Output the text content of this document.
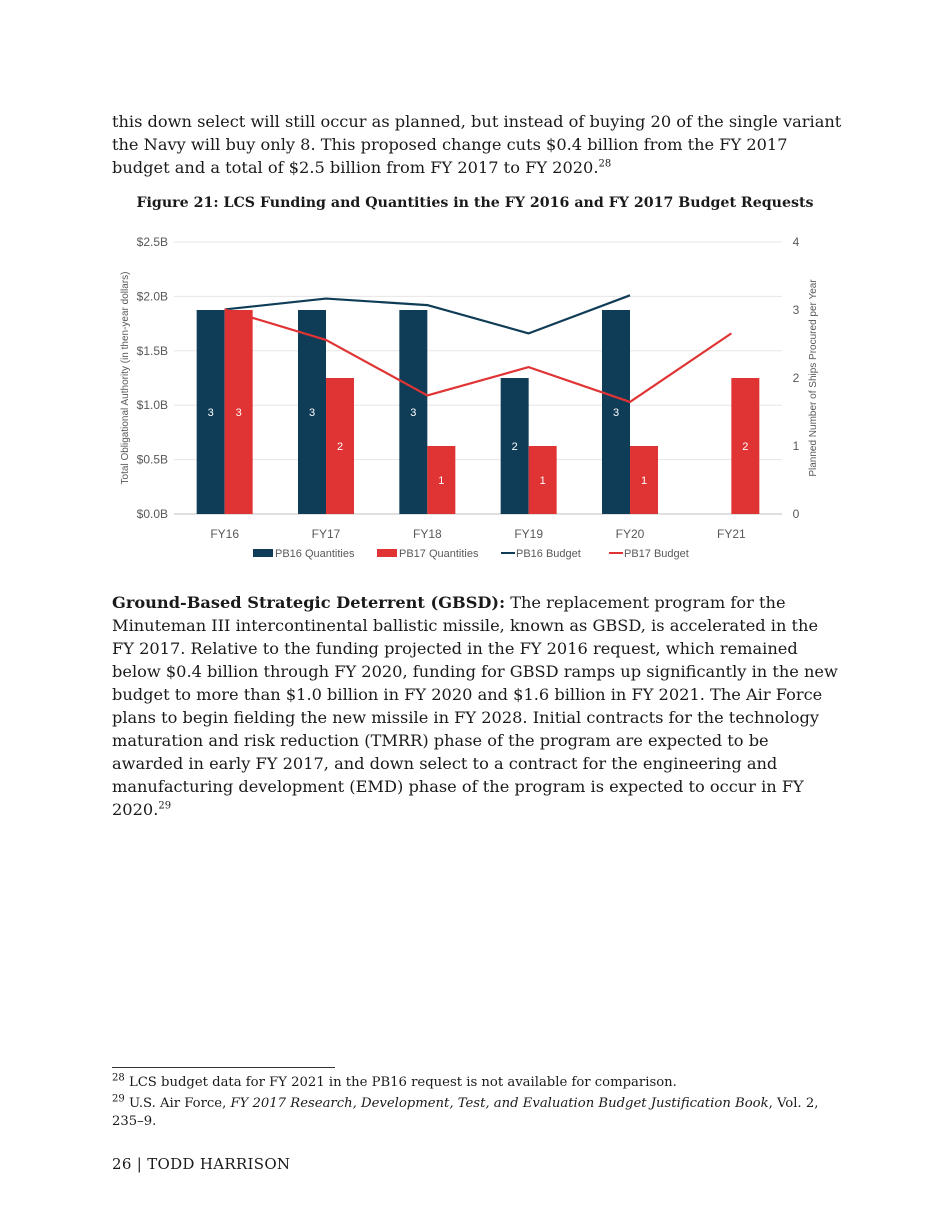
this down select will still occur as planned, but instead of buying 20 of the single variant the Navy will buy only 8. This proposed change cuts $0.4 billion from the FY 2017 budget and a total of $2.5 billion from FY 2017 to FY 2020.28

Figure 21: LCS Funding and Quantities in the FY 2016 and FY 2017 Budget Requests

$0.0B
$0.5B
$1.0B
$1.5B
$2.0B
$2.5B
0
1
2
3
4
Total Obligational Authority (in then-year dollars)	Planned Number of Ships Procured per Year
FY16	FY17	FY18	FY19	FY20	FY21
3	3	3
2
3
3
2
1	1	1
2
PB16 Quantities	PB17 Quantities	PB16 Budget	PB17 Budget

Ground-Based Strategic Deterrent (GBSD): The replacement program for the Minuteman III intercontinental ballistic missile, known as GBSD, is accelerated in the FY 2017. Relative to the funding projected in the FY 2016 request, which remained below $0.4 billion through FY 2020, funding for GBSD ramps up significantly in the new budget to more than $1.0 billion in FY 2020 and $1.6 billion in FY 2021. The Air Force plans to begin fielding the new missile in FY 2028. Initial contracts for the technology maturation and risk reduction (TMRR) phase of the program are expected to be awarded in early FY 2017, and down select to a contract for the engineering and manufacturing development (EMD) phase of the program is expected to occur in FY 2020.29

$^{28}$ LCS budget data for FY 2021 in the PB16 request is not available for comparison.

$^{29}$ U.S. Air Force, FY 2017 Research, Development, Test, and Evaluation Budget Justification Book, Vol. 2, 235–9.

26 | TODD HARRISON
